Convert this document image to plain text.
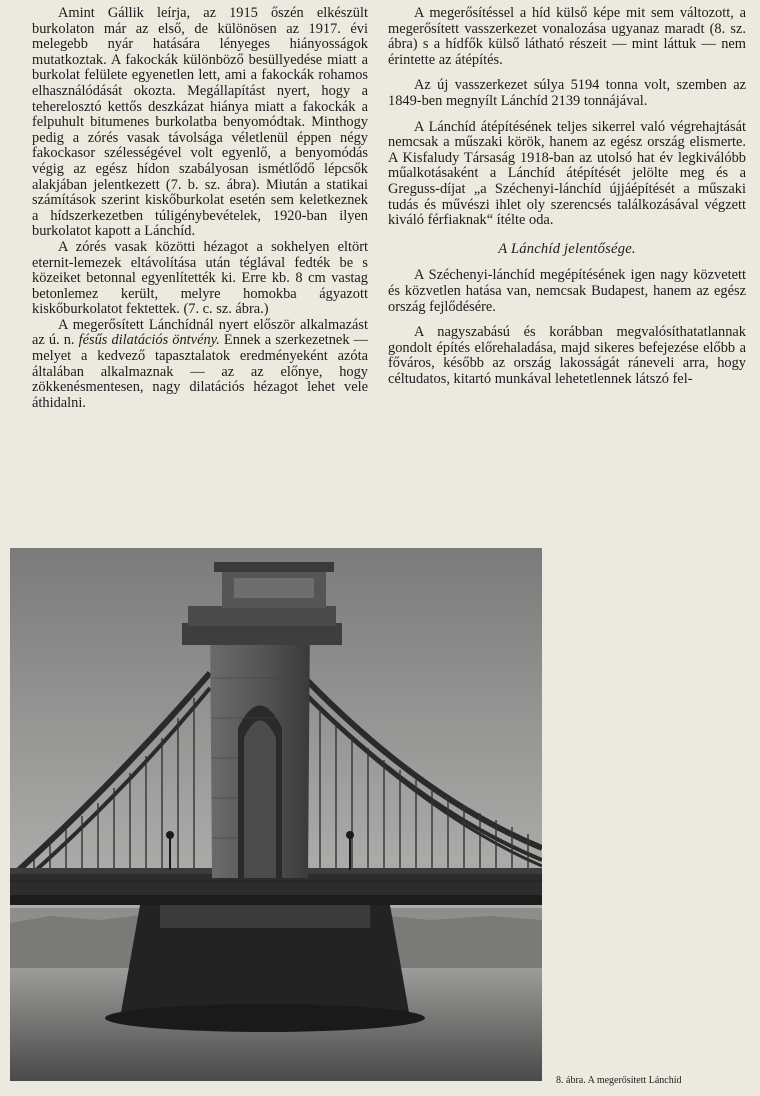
Amint Gállik leírja, az 1915 őszén elkészült burkolaton már az első, de különösen az 1917. évi melegebb nyár hatására lényeges hiányosságok mutatkoztak. A fakockák különböző besüllyedése miatt a burkolat felülete egyenetlen lett, ami a fakockák rohamos elhasználódását okozta. Megállapítást nyert, hogy a teherelosztó kettős deszkázat hiánya miatt a fakockák a felpuhult bitumenes burkolatba benyomódtak. Minthogy pedig a zórés vasak távolsága véletlenül éppen négy fakockasor szélességével volt egyenlő, a benyomódás végig az egész hídon szabályosan ismétlődő lépcsők alakjában jelentkezett (7. b. sz. ábra). Miután a statikai számítások szerint kiskőburkolat esetén sem keletkeznek a hídszerkezetben túligénybevételek, 1920-ban ilyen burkolatot kapott a Lánchíd.

A zórés vasak közötti hézagot a sokhelyen eltört eternit-lemezek eltávolítása után téglával fedték be s közeiket betonnal egyenlítették ki. Erre kb. 8 cm vastag betonlemez került, melyre homokba ágyazott kiskőburkolatot fektettek. (7. c. sz. ábra.)

A megerősített Lánchídnál nyert először alkalmazást az ú. n. fésűs dilatációs öntvény. Ennek a szerkezetnek — melyet a kedvező tapasztalatok eredményeként azóta általában alkalmaznak — az az előnye, hogy zökkenésmentesen, nagy dilatációs hézagot lehet vele áthidalni.

A megerősítéssel a híd külső képe mit sem változott, a megerősített vasszerkezet vonalozása ugyanaz maradt (8. sz. ábra) s a hídfők külső látható részeit — mint láttuk — nem érintette az átépítés.

Az új vasszerkezet súlya 5194 tonna volt, szemben az 1849-ben megnyílt Lánchíd 2139 tonnájával.

A Lánchíd átépítésének teljes sikerrel való végrehajtását nemcsak a műszaki körök, hanem az egész ország elismerte. A Kisfaludy Társaság 1918-ban az utolsó hat év legkiválóbb műalkotásaként a Lánchíd átépítését jelölte meg és a Greguss-díjat „a Széchenyi-lánchíd újjáépítését a műszaki tudás és művészi ihlet oly szerencsés találkozásával végzett kiváló férfiaknak“ ítélte oda.

A Lánchíd jelentősége.

A Széchenyi-lánchíd megépítésének igen nagy közvetett és közvetlen hatása van, nemcsak Budapest, hanem az egész ország fejlődésére.

A nagyszabású és korábban megvalósíthatatlannak gondolt építés előrehaladása, majd sikeres befejezése előbb a főváros, később az ország lakosságát ráneveli arra, hogy céltudatos, kitartó munkával lehetetlennek látszó fel-

8. ábra. A megerősített Lánchíd
